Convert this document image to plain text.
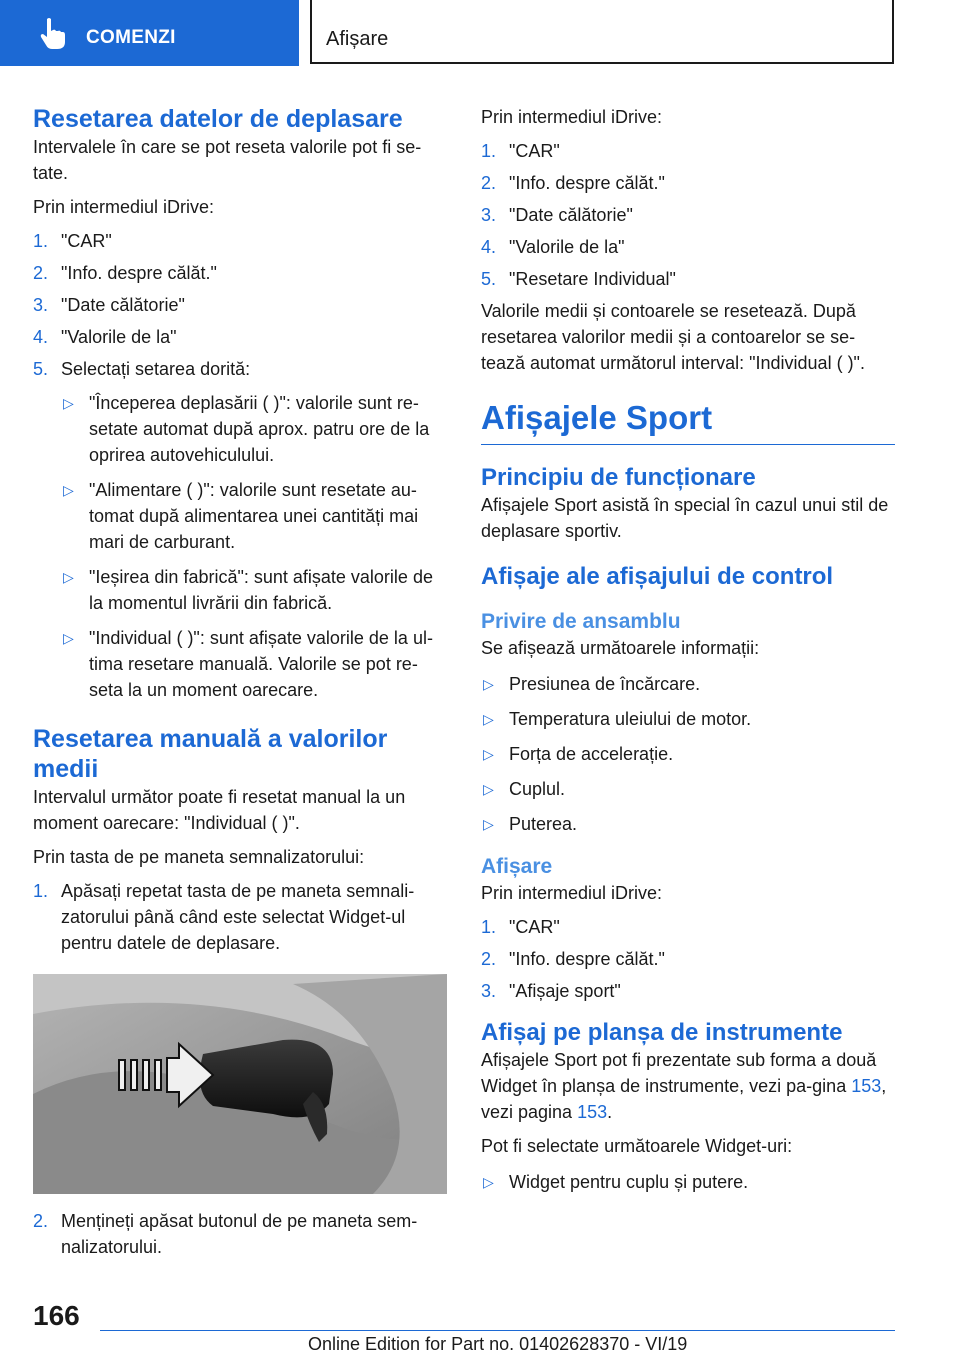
COMENZI	Afișare
Resetarea datelor de deplasare

Intervalele în care se pot reseta valorile pot fi se-tate.

Prin intermediul iDrive:

1. "CAR"
2. "Info. despre călăt."
3. "Date călătorie"
4. "Valorile de la"
5. Selectați setarea dorită:
▷ "Începerea deplasării ( )": valorile sunt re-setate automat după aprox. patru ore de la oprirea autovehiculului.
▷ "Alimentare ( )": valorile sunt resetate au-tomat după alimentarea unei cantități mai mari de carburant.
▷ "Ieșirea din fabrică": sunt afișate valorile de la momentul livrării din fabrică.
▷ "Individual ( )": sunt afișate valorile de la ul-tima resetare manuală. Valorile se pot re-seta la un moment oarecare.
Resetarea manuală a valorilor medii

Intervalul următor poate fi resetat manual la un moment oarecare: "Individual ( )".

Prin tasta de pe maneta semnalizatorului:

1. Apăsați repetat tasta de pe maneta semnali-zatorului până când este selectat Widget-ul pentru datele de deplasare.
2. Mențineți apăsat butonul de pe maneta sem-nalizatorului.

Prin intermediul iDrive:

1. "CAR"
2. "Info. despre călăt."
3. "Date călătorie"
4. "Valorile de la"
5. "Resetare Individual"

Valorile medii și contoarele se resetează. După resetarea valorilor medii și a contoarelor se se-tează automat următorul interval: "Individual ( )".

Afișajele Sport
Principiu de funcționare

Afișajele Sport asistă în special în cazul unui stil de deplasare sportiv.

Afișaje ale afișajului de control
Privire de ansamblu

Se afișează următoarele informații:

▷ Presiunea de încărcare.
▷ Temperatura uleiului de motor.
▷ Forța de accelerație.
▷ Cuplul.
▷ Puterea.
Afișare

Prin intermediul iDrive:

1. "CAR"
2. "Info. despre călăt."
3. "Afișaje sport"
Afișaj pe planșa de instrumente

Afișajele Sport pot fi prezentate sub forma a două Widget în planșa de instrumente, vezi pa-gina 153, vezi pagina 153.

Pot fi selectate următoarele Widget-uri:

▷ Widget pentru cuplu și putere.
166
Online Edition for Part no. 01402628370 - VI/19
